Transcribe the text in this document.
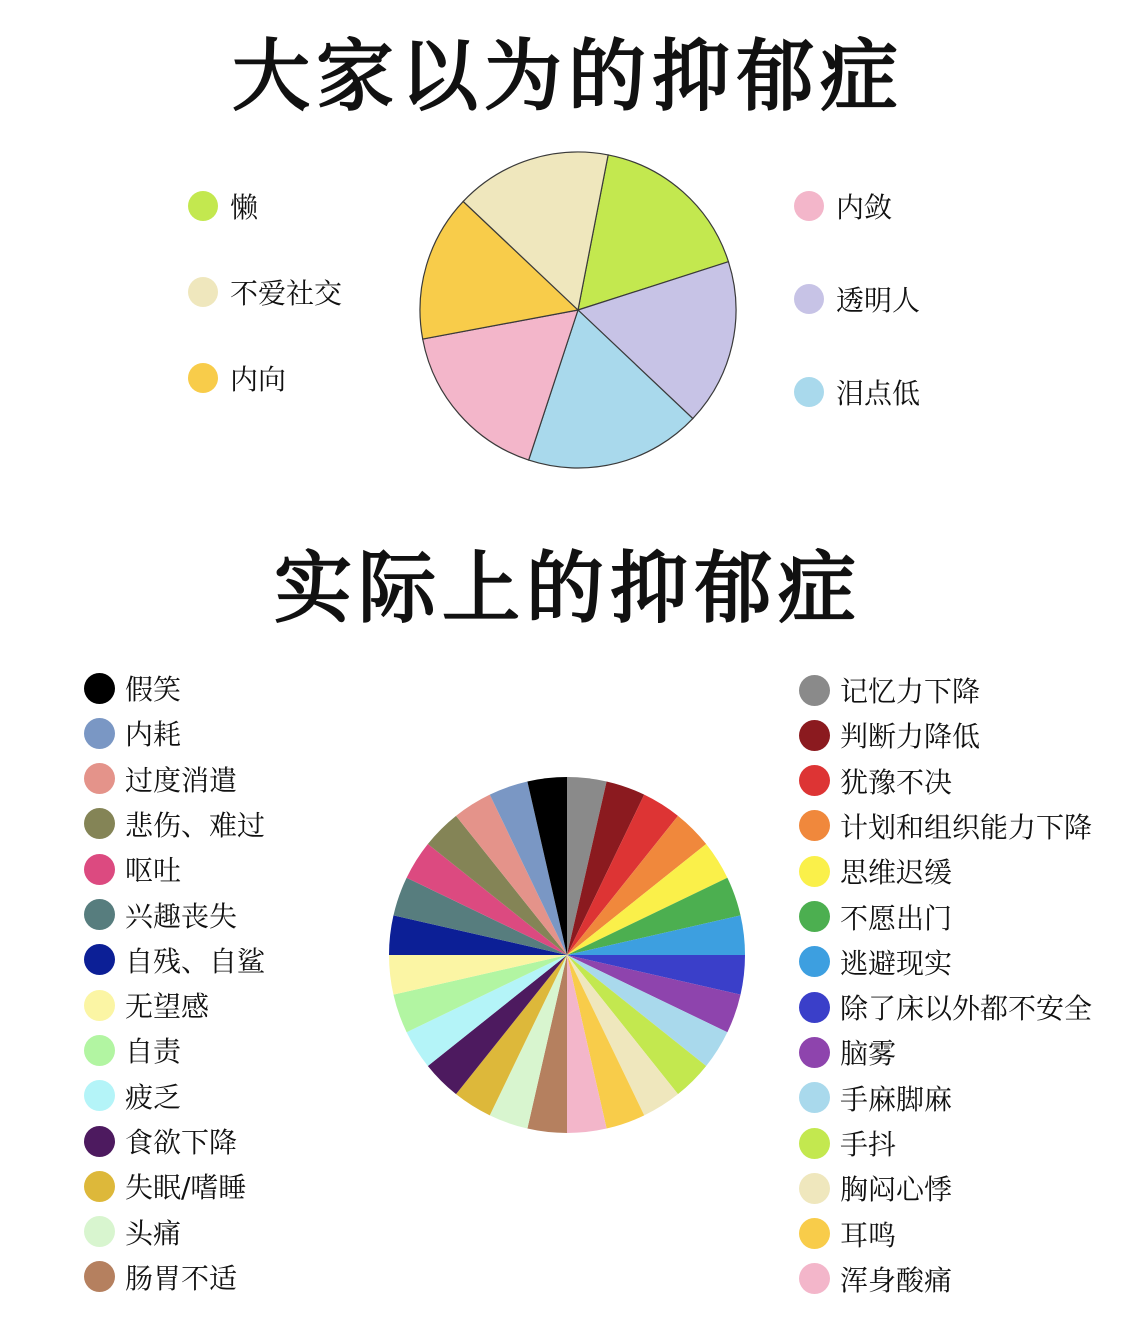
大家以为的抑郁症
懒
不爱社交
内向
内敛
透明人
泪点低
实际上的抑郁症
假笑
内耗
过度消遣
悲伤、难过
呕吐
兴趣丧失
自残、自鲨
无望感
自责
疲乏
食欲下降
失眠/嗜睡
头痛
肠胃不适
记忆力下降
判断力降低
犹豫不决
计划和组织能力下降
思维迟缓
不愿出门
逃避现实
除了床以外都不安全
脑雾
手麻脚麻
手抖
胸闷心悸
耳鸣
浑身酸痛
